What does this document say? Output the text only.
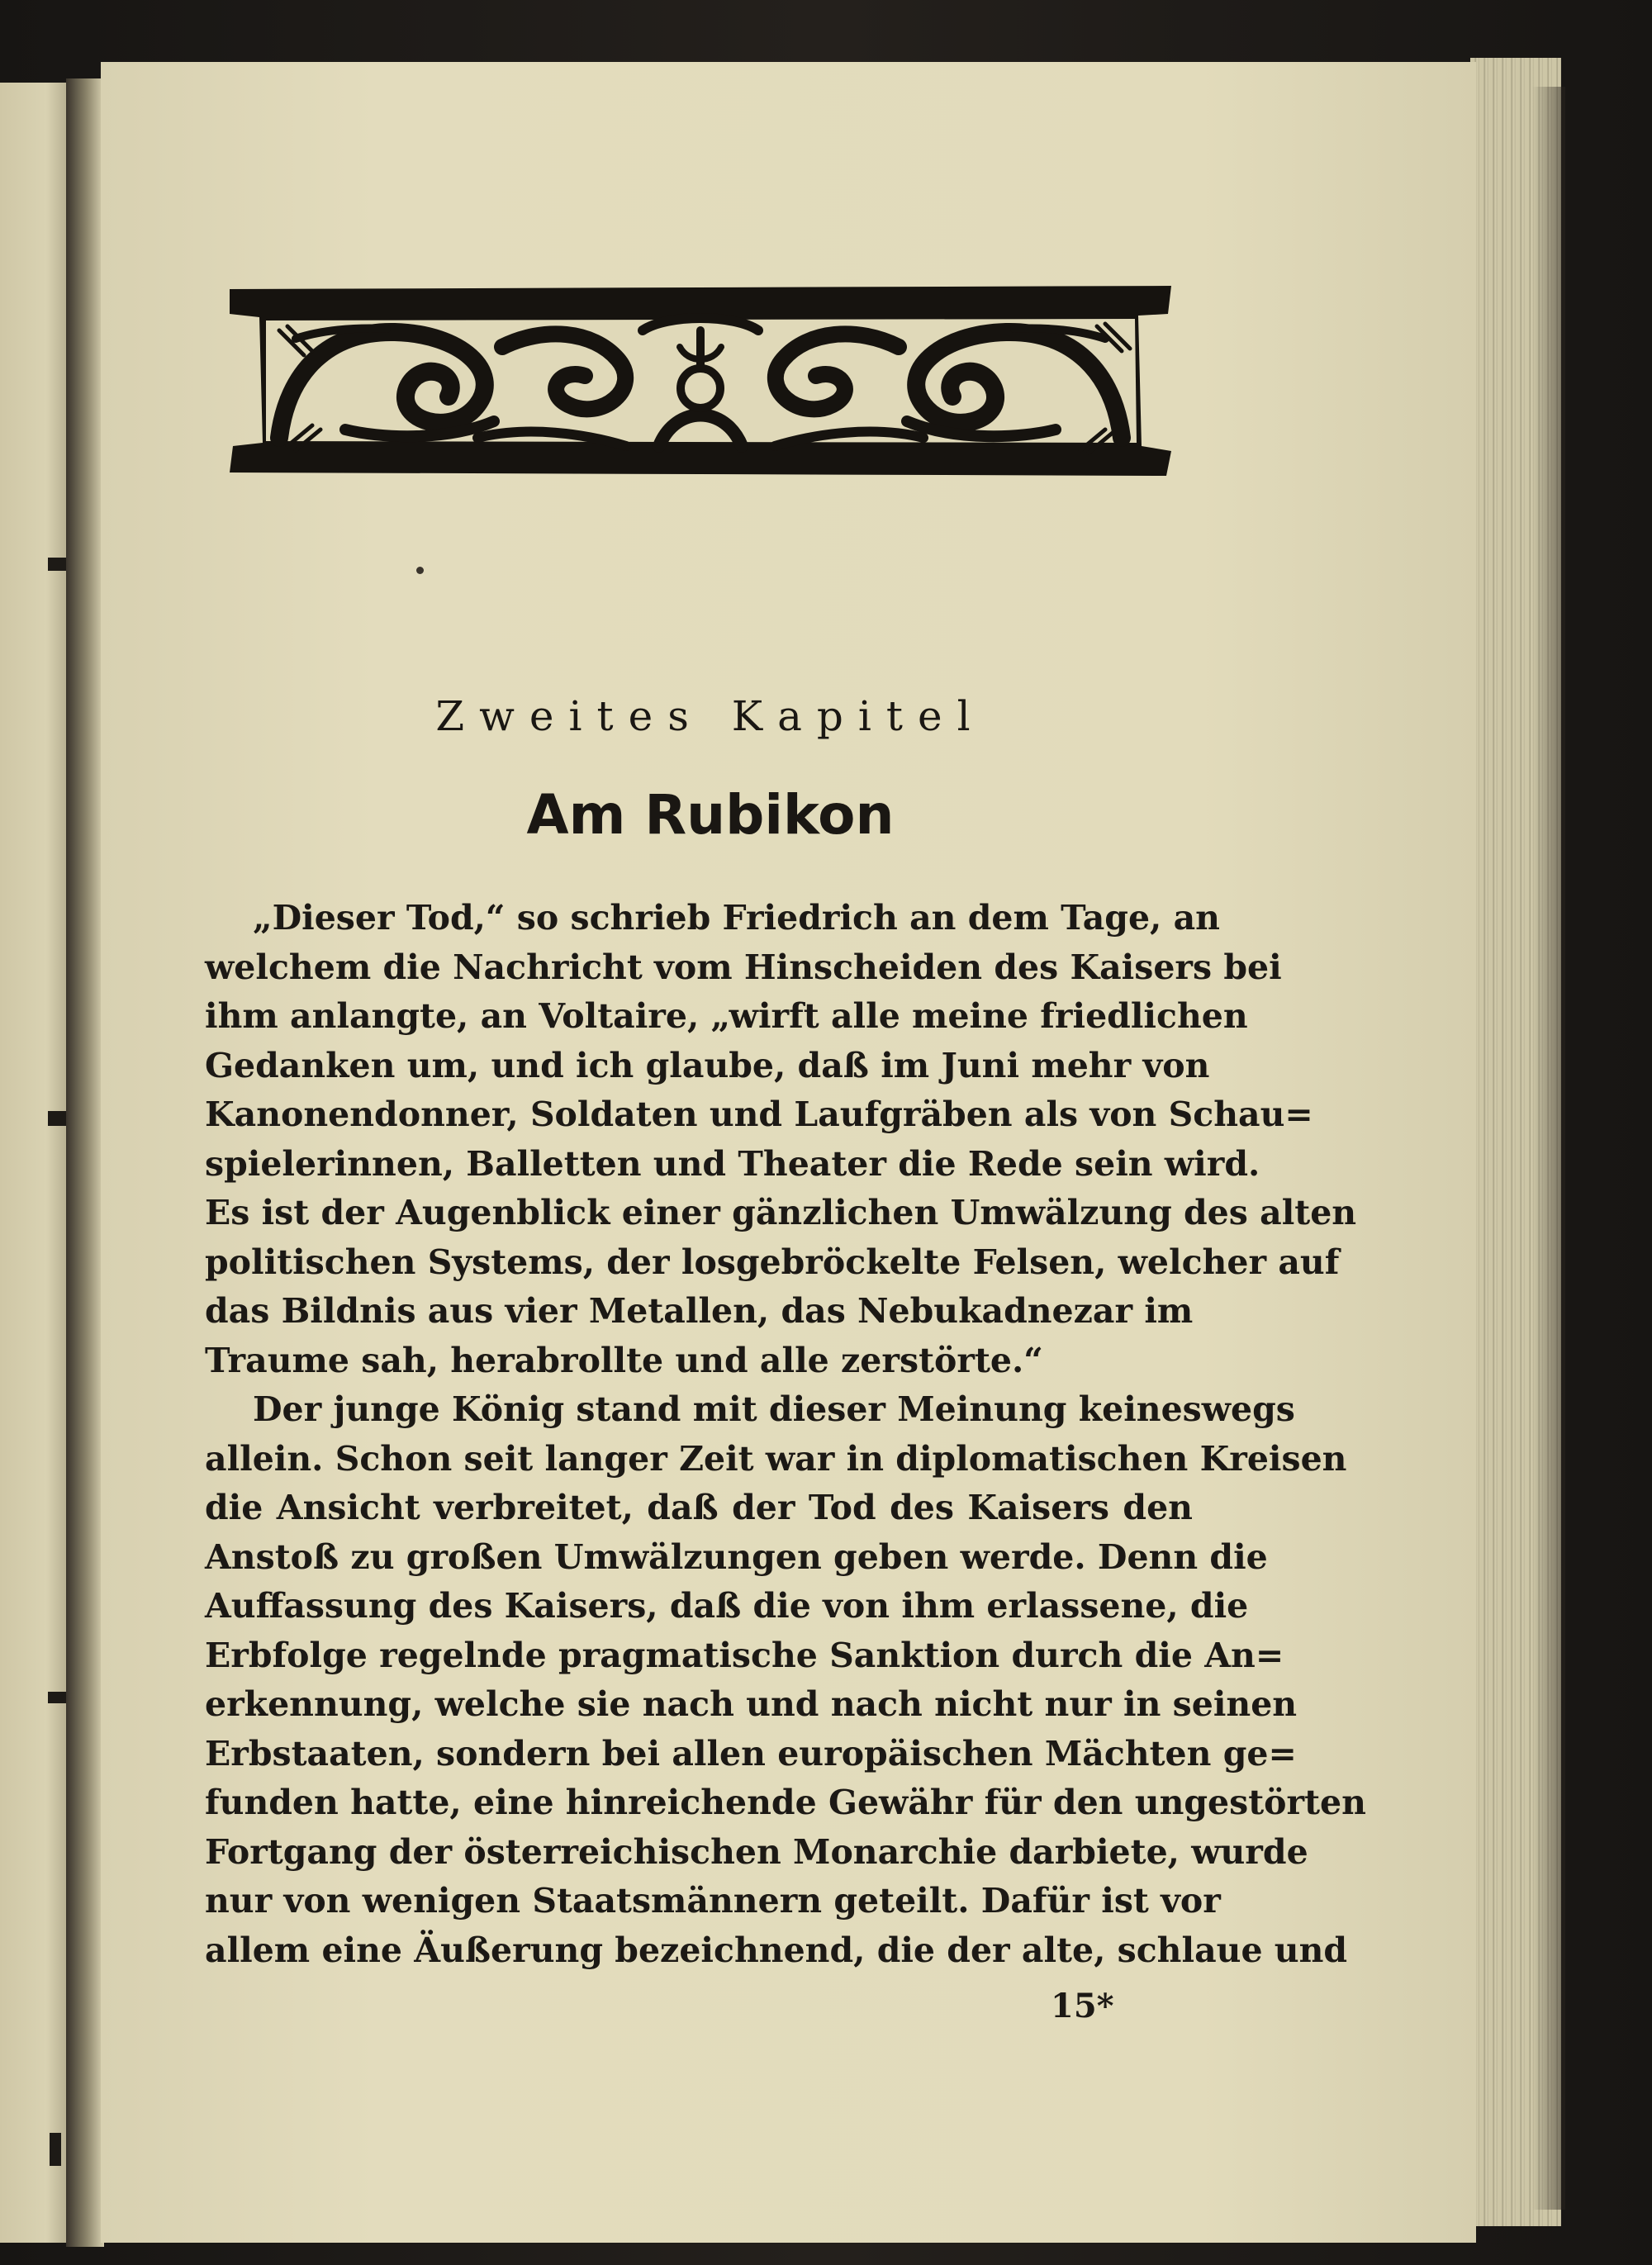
Zweites Kapitel
Am Rubikon
„Dieser Tod,“ so schrieb Friedrich an dem Tage, an
welchem die Nachricht vom Hinscheiden des Kaisers bei
ihm anlangte, an Voltaire, „wirft alle meine friedlichen
Gedanken um, und ich glaube, daß im Juni mehr von
Kanonendonner, Soldaten und Laufgräben als von Schau=
spielerinnen, Balletten und Theater die Rede sein wird.
Es ist der Augenblick einer gänzlichen Umwälzung des alten
politischen Systems, der losgebröckelte Felsen, welcher auf
das Bildnis aus vier Metallen, das Nebukadnezar im
Traume sah, herabrollte und alle zerstörte.“
Der junge König stand mit dieser Meinung keineswegs
allein. Schon seit langer Zeit war in diplomatischen Kreisen
die Ansicht verbreitet, daß der Tod des Kaisers den
Anstoß zu großen Umwälzungen geben werde. Denn die
Auffassung des Kaisers, daß die von ihm erlassene, die
Erbfolge regelnde pragmatische Sanktion durch die An=
erkennung, welche sie nach und nach nicht nur in seinen
Erbstaaten, sondern bei allen europäischen Mächten ge=
funden hatte, eine hinreichende Gewähr für den ungestörten
Fortgang der österreichischen Monarchie darbiete, wurde
nur von wenigen Staatsmännern geteilt. Dafür ist vor
allem eine Äußerung bezeichnend, die der alte, schlaue und
15*
